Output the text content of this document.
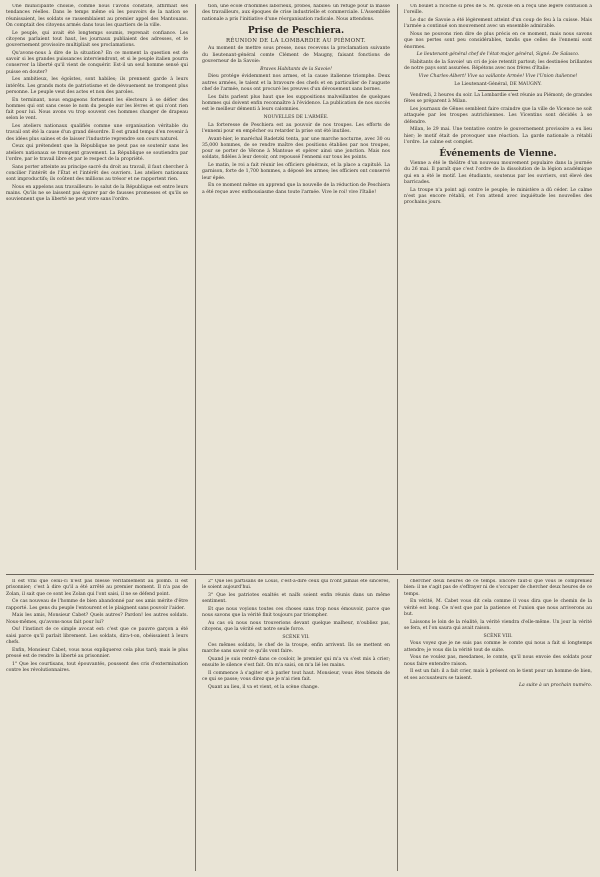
Une municipalité choisie, comme nous l'avons constaté, affirmait ses tendances réelles. Dans le temps même où les pouvoirs de la nation se réunissaient, les soldats se rassemblaient au premier appel des Mantouans. On comptait des citoyens armés dans tous les quartiers de la ville.

Le peuple, qui avait été longtemps soumis, reprenait confiance. Les citoyens parlaient tout haut, les journaux publiaient des adresses, et le gouvernement provisoire multipliait ses proclamations.

Qu'avons-nous à dire de la situation? En ce moment la question est de savoir si les grandes puissances interviendront, et si le peuple italien pourra conserver la liberté qu'il vient de conquérir. Est-il un seul homme sensé qui puisse en douter?

Les ambitieux, les égoïstes, sont habiles; ils prennent garde à leurs intérêts. Les grands mots de patriotisme et de dévouement ne trompent plus personne. Le peuple veut des actes et non des paroles.

En terminant, nous engageons fortement les électeurs à se défier des hommes qui ont sans cesse le nom du peuple sur les lèvres et qui n'ont rien fait pour lui. Nous avons vu trop souvent ces hommes changer de drapeau selon le vent.

Les ateliers nationaux qualifiés comme une organisation véritable du travail ont été la cause d'un grand désordre. Il est grand temps d'en revenir à des idées plus saines et de laisser l'industrie reprendre son cours naturel.

Ceux qui prétendent que la République ne peut pas se soutenir sans les ateliers nationaux se trompent gravement. La République se soutiendra par l'ordre, par le travail libre et par le respect de la propriété.

Sans porter atteinte au principe sacré du droit au travail, il faut chercher à concilier l'intérêt de l'État et l'intérêt des ouvriers. Les ateliers nationaux sont improductifs; ils coûtent des millions au trésor et ne rapportent rien.

Nous en appelons aux travailleurs: le salut de la République est entre leurs mains. Qu'ils ne se laissent pas égarer par de fausses promesses et qu'ils se souviennent que la liberté ne peut vivre sans l'ordre.

tion, une école d'hommes laborieux, probes, habiles: un refuge pour la masse des travailleurs, aux époques de crise industrielle et commerciale. L'Assemblée nationale a pris l'initiative d'une réorganisation radicale. Nous attendons.

Prise de Peschiera.
RÉUNION DE LA LOMBARDIE AU PIÉMONT.

Au moment de mettre sous presse, nous recevons la proclamation suivante du lieutenant-général comte Clément de Maugny, faisant fonctions de gouverneur de la Savoie:

Braves Habitants de la Savoie!

Dieu protége évidemment nos armes, et la cause italienne triomphe. Deux autres armées, le talent et la bravoure des chefs et en particulier de l'auguste chef de l'armée, nous ont procuré les preuves d'un dévouement sans bornes.

Les faits parlent plus haut que les suppositions malveillantes de quelques hommes qui doivent enfin reconnaître à l'évidence. La publication de nos succès est le meilleur démenti à leurs calomnies.

NOUVELLES DE L'ARMÉE.

La forteresse de Peschiera est au pouvoir de nos troupes. Les efforts de l'ennemi pour en empêcher ou retarder la prise ont été inutiles.

Avant-hier, le maréchal Radetzki tenta, par une marche nocturne, avec 30 ou 35,000 hommes, de se rendre maître des positions établies par nos troupes, pour se porter de Vérone à Mantoue et opérer ainsi une jonction. Mais nos soldats, fidèles à leur devoir, ont repoussé l'ennemi sur tous les points.

Le matin, le roi a fait réunir les officiers généraux, et la place a capitulé. La garnison, forte de 1,700 hommes, a déposé les armes; les officiers ont conservé leur épée.

En ce moment même on apprend que la nouvelle de la réduction de Peschiera a été reçue avec enthousiasme dans toute l'armée. Vive le roi! vive l'Italie!

Un boulet a ricoché si près de S. M. qu'elle en a reçu une légère contusion à l'oreille.

Le duc de Savoie a été légèrement atteint d'un coup de feu à la cuisse. Mais l'armée a continué son mouvement avec un ensemble admirable.

Nous ne pouvons rien dire de plus précis en ce moment, mais nous savons que nos pertes sont peu considérables, tandis que celles de l'ennemi sont énormes.

Le lieutenant-général chef de l'état-major général, Signé: De Salasco.

Habitants de la Savoie! un cri de joie retentit partout; les destinées brillantes de notre pays sont assurées. Répétons avec nos frères d'Italie:

Vive Charles-Albert! Vive sa vaillante Armée! Vive l'Union italienne!

Le Lieutenant-Général, DE MAUGNY.

Vendredi, 2 heures du soir. La Lombardie s'est réunie au Piémont; de grandes fêtes se préparent à Milan.

Les journaux de Gênes semblent faire craindre que la ville de Vicence ne soit attaquée par les troupes autrichiennes. Les Vicentins sont décidés à se défendre.

Milan, le 29 mai. Une tentative contre le gouvernement provisoire a eu lieu hier; le motif était de provoquer une réaction. La garde nationale a rétabli l'ordre. Le calme est complet.

Événements de Vienne.

Vienne a été le théâtre d'un nouveau mouvement populaire dans la journée du 26 mai. Il paraît que c'est l'ordre de la dissolution de la légion académique qui en a été le motif. Les étudiants, soutenus par les ouvriers, ont élevé des barricades.

La troupe n'a point agi contre le peuple; le ministère a dû céder. Le calme n'est pas encore rétabli, et l'on attend avec inquiétude les nouvelles des prochains jours.

Il est vrai que celui-ci n'est pas blessé véritablement au plomb. Il est prisonnier; c'est à dire qu'il a été arrêté au premier moment. Il n'a pas de Zolan, il sait que ce sont les Zolan qui l'ont saisi, il ne se défend point.

Ce cas nouveau de l'homme de bien abandonné par ses amis mérite d'être rapporté. Les gens du peuple l'entourent et le plaignent sans pouvoir l'aider.

Mais les amis, Monsieur Cabet? Quels autres? Pardon! les autres soldats. Nous-mêmes, qu'avons-nous fait pour lui?

Ou! l'instinct de ce simple avocat est: c'est que ce pauvre garçon a été saisi parce qu'il parlait librement. Les soldats, dira-t-on, obéissaient à leurs chefs.

Enfin, Monsieur Cabet, vous nous expliquerez cela plus tard; mais le plus pressé est de rendre la liberté au prisonnier.

1° Que les courtisans, tout épouvantés, poussent des cris d'extermination contre les révolutionnaires.

2° Que les partisans de Louis, c'est-à-dire ceux qui n'ont jamais été sincères, le soient aujourd'hui.

3° Que les patriotes exaltés et naïfs soient enfin réunis dans un même sentiment.

Et que nous voyions toutes ces choses sans trop nous émouvoir, parce que nous savons que la vérité finit toujours par triompher.

Au cas où nous nous trouverions devant quelque malheur, n'oubliez pas, citoyens, que la vérité est notre seule force.

SCÈNE VII.

Ces mêmes soldats, le chef de la troupe, enfin arrivent. Ils se mettent en marche sans savoir ce qu'ils vont faire.

Quand je suis rentré dans ce couloir, le premier qui m'a vu s'est mis à crier; ensuite le silence s'est fait. On m'a saisi, on m'a lié les mains.

Il commence à s'agiter et à parler tout haut. Monsieur, vous êtes témoin de ce qui se passe; vous direz que je n'ai rien fait.

Quant au lieu, il va et vient, et la scène change.

chercher deux heures de ce temps. Encore faut-il que vous le compreniez bien: il ne s'agit pas de s'effrayer ni de s'occuper de chercher deux heures de ce temps.

En vérité, M. Cabet vous dit cela comme il vous dira que le chemin de la vérité est long. Ce n'est que par la patience et l'union que nous arriverons au but.

Laissons le loin de la réalité, la vérité viendra d'elle-même. Un jour la vérité se fera, et l'on saura qui avait raison.

SCÈNE VIII.

Vous voyez que je ne suis pas comme le comte qui nous a fait si longtemps attendre; je vous dis la vérité tout de suite.

Vous ne voulez pas, mesdames, le comte, qu'il nous envoie des soldats pour nous faire entendre raison.

Il est un fait: il a fait crier, mais à présent on le tient pour un homme de bien, et ses accusateurs se taisent.

La suite à un prochain numéro.
